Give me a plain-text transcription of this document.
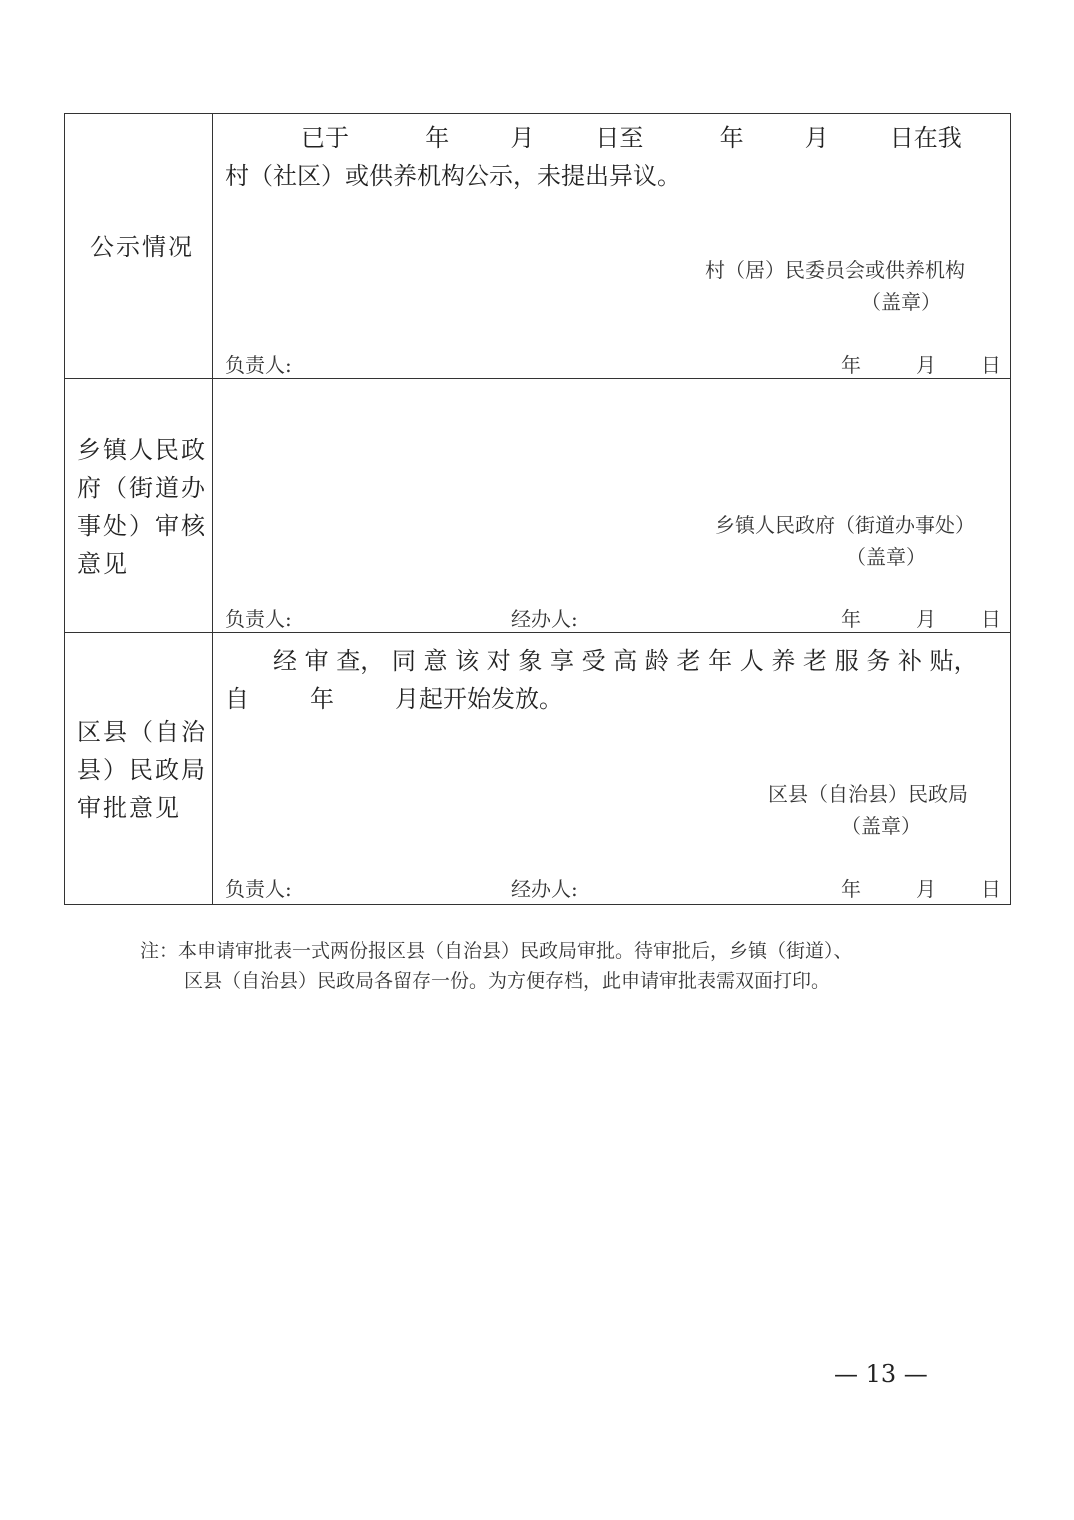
公示情况
已于          年        月        日至          年        月        日在我
村（社区）或供养机构公示，未提出异议。
村（居）民委员会或供养机构
（盖章）
负责人:	年	月 日
乡镇人民政
府（街道办
事处）审核
意见
乡镇人民政府（街道办事处）
（盖章）
负责人:	经办人:	年	月 日
区县（自治
县）民政局
审批意见
经 审 查， 同 意 该 对 象 享 受 高 龄 老 年 人 养 老 服 务 补 贴，
自        年        月起开始发放。
区县（自治县）民政局
（盖章）
负责人:	经办人:	年	月 日
注：本申请审批表一式两份报区县（自治县）民政局审批。待审批后，乡镇（街道）、
区县（自治县）民政局各留存一份。为方便存档，此申请审批表需双面打印。
— 13 —
